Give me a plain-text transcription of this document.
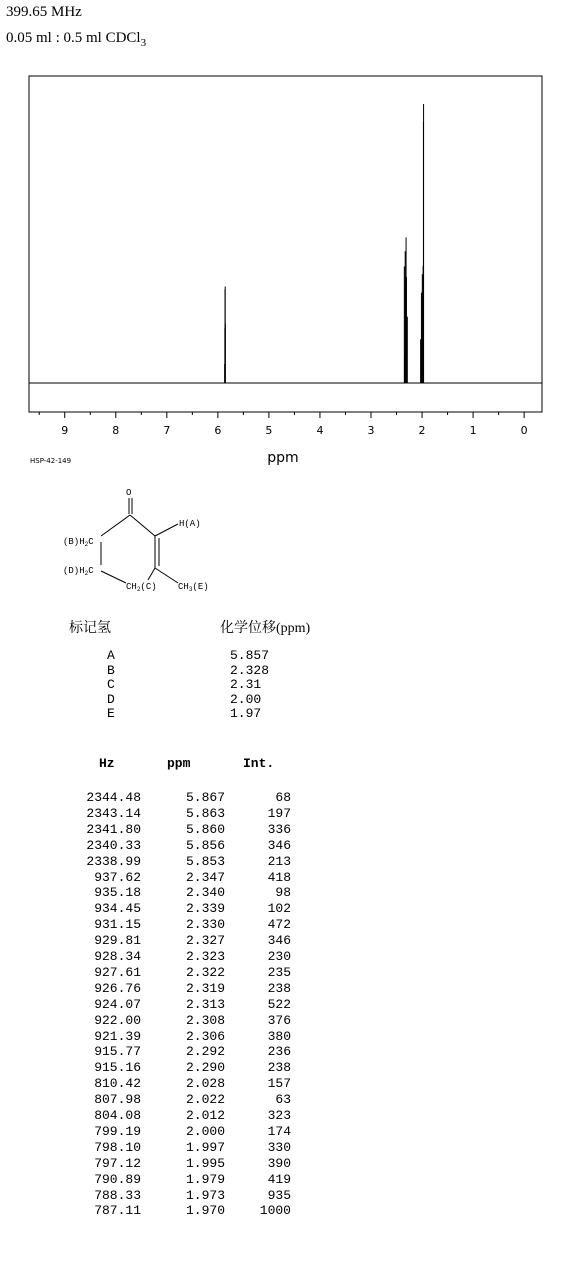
399.65 MHz
0.05 ml : 0.5 ml CDCl$_3$
9	8	7	6	5	4	3	2	1	0
ppm
HSP-42-149
O
H(A)
$(B)H_2C$
$(D)H_2C$
$CH_2(C)$ $CH_3(E)$
标记氢	化学位移(ppm)
A	5.857
B	2.328
C	2.31
D	2.00
E	1.97
Hz	ppm	Int.
2344.48	5.867	68
2343.14	5.863	197
2341.80	5.860	336
2340.33	5.856	346
2338.99	5.853	213
937.62	2.347	418
935.18	2.340	98
934.45	2.339	102
931.15	2.330	472
929.81	2.327	346
928.34	2.323	230
927.61	2.322	235
926.76	2.319	238
924.07	2.313	522
922.00	2.308	376
921.39	2.306	380
915.77	2.292	236
915.16	2.290	238
810.42	2.028	157
807.98	2.022	63
804.08	2.012	323
799.19	2.000	174
798.10	1.997	330
797.12	1.995	390
790.89	1.979	419
788.33	1.973	935
787.11	1.970	1000
